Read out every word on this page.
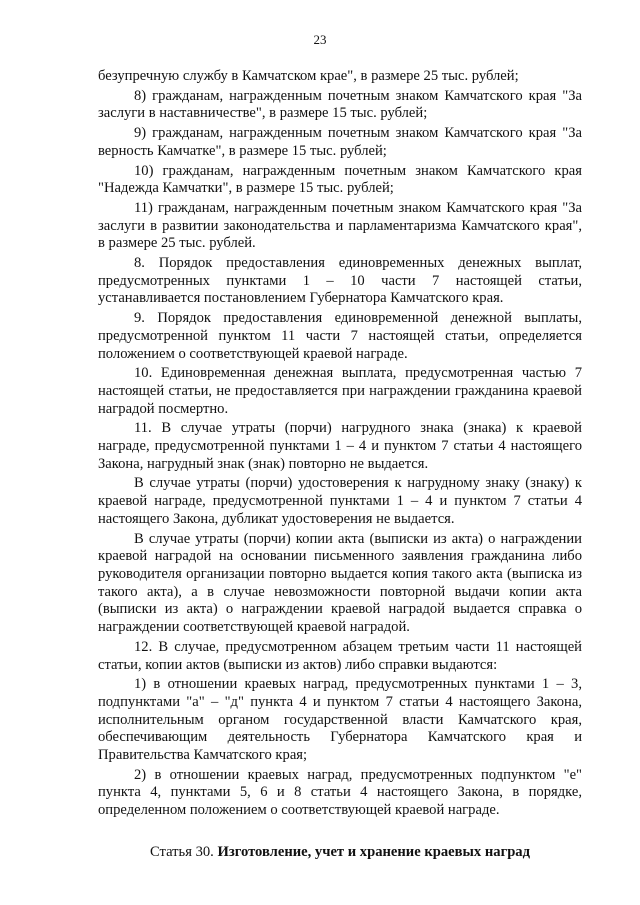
23

безупречную службу в Камчатском крае", в размере 25 тыс. рублей;

8) гражданам, награжденным почетным знаком Камчатского края "За заслуги в наставничестве", в размере 15 тыс. рублей;

9) гражданам, награжденным почетным знаком Камчатского края "За верность Камчатке", в размере 15 тыс. рублей;

10) гражданам, награжденным почетным знаком Камчатского края "Надежда Камчатки", в размере 15 тыс. рублей;

11) гражданам, награжденным почетным знаком Камчатского края "За заслуги в развитии законодательства и парламентаризма Камчатского края", в размере 25 тыс. рублей.

8. Порядок предоставления единовременных денежных выплат, предусмотренных пунктами 1 – 10 части 7 настоящей статьи, устанавливается постановлением Губернатора Камчатского края.

9. Порядок предоставления единовременной денежной выплаты, предусмотренной пунктом 11 части 7 настоящей статьи, определяется положением о соответствующей краевой награде.

10. Единовременная денежная выплата, предусмотренная частью 7 настоящей статьи, не предоставляется при награждении гражданина краевой наградой посмертно.

11. В случае утраты (порчи) нагрудного знака (знака) к краевой награде, предусмотренной пунктами 1 – 4 и пунктом 7 статьи 4 настоящего Закона, нагрудный знак (знак) повторно не выдается.

В случае утраты (порчи) удостоверения к нагрудному знаку (знаку) к краевой награде, предусмотренной пунктами 1 – 4 и пунктом 7 статьи 4 настоящего Закона, дубликат удостоверения не выдается.

В случае утраты (порчи) копии акта (выписки из акта) о награждении краевой наградой на основании письменного заявления гражданина либо руководителя организации повторно выдается копия такого акта (выписка из такого акта), а в случае невозможности повторной выдачи копии акта (выписки из акта) о награждении краевой наградой выдается справка о награждении соответствующей краевой наградой.

12. В случае, предусмотренном абзацем третьим части 11 настоящей статьи, копии актов (выписки из актов) либо справки выдаются:

1) в отношении краевых наград, предусмотренных пунктами 1 – 3, подпунктами "а" – "д" пункта 4 и пунктом 7 статьи 4 настоящего Закона, исполнительным органом государственной власти Камчатского края, обеспечивающим деятельность Губернатора Камчатского края и Правительства Камчатского края;

2) в отношении краевых наград, предусмотренных подпунктом "е" пункта 4, пунктами 5, 6 и 8 статьи 4 настоящего Закона, в порядке, определенном положением о соответствующей краевой награде.

Статья 30. Изготовление, учет и хранение краевых наград
